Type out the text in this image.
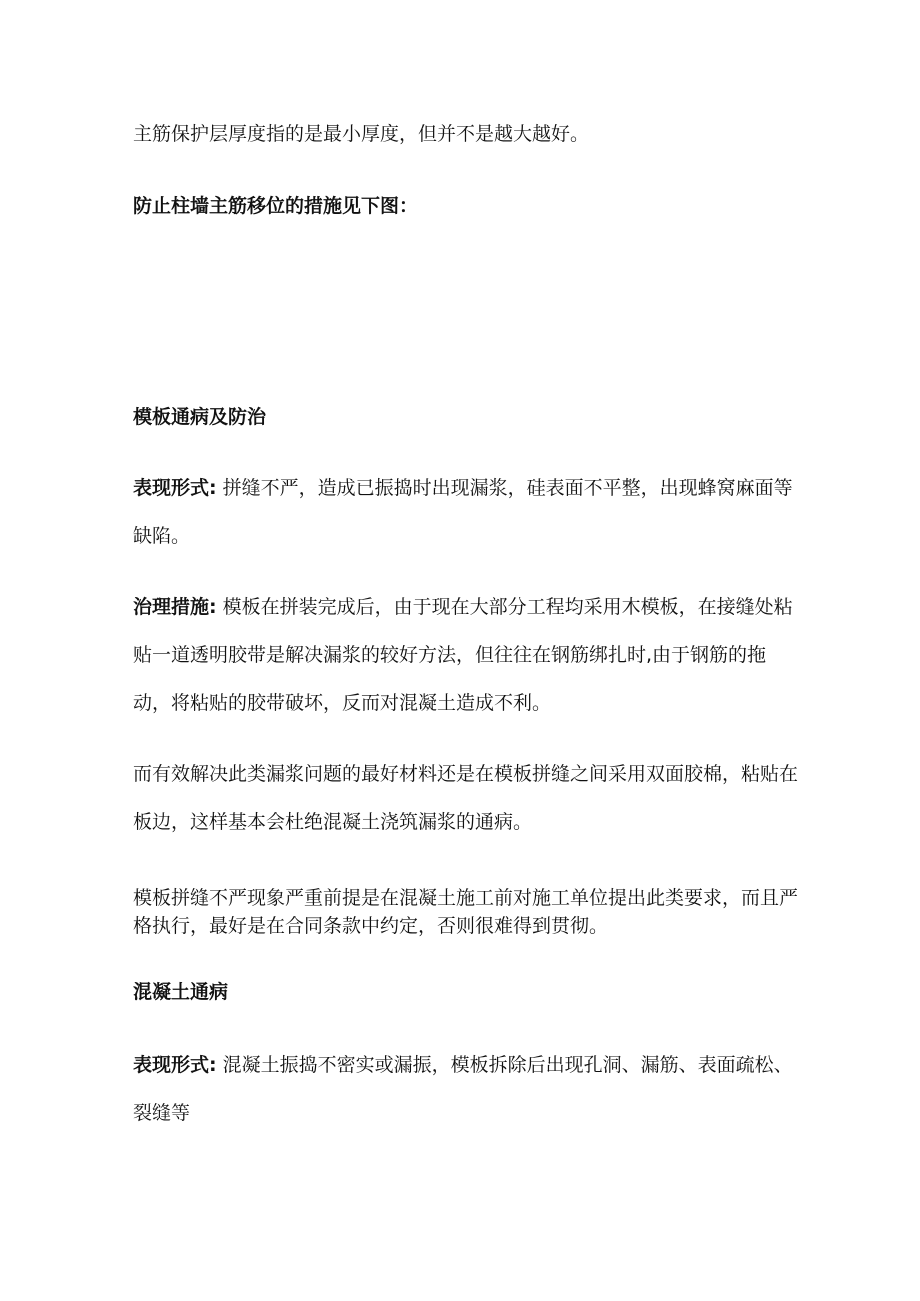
主筋保护层厚度指的是最小厚度，但并不是越大越好。

防止柱墙主筋移位的措施见下图：

模板通病及防治

表现形式: 拼缝不严，造成已振捣时出现漏浆，硅表面不平整，出现蜂窝麻面等缺陷。

治理措施: 模板在拼装完成后，由于现在大部分工程均采用木模板，在接缝处粘贴一道透明胶带是解决漏浆的较好方法，但往往在钢筋绑扎时,由于钢筋的拖动，将粘贴的胶带破坏，反而对混凝土造成不利。

而有效解决此类漏浆问题的最好材料还是在模板拼缝之间采用双面胶棉，粘贴在板边，这样基本会杜绝混凝土浇筑漏浆的通病。

模板拼缝不严现象严重前提是在混凝土施工前对施工单位提出此类要求，而且严格执行，最好是在合同条款中约定，否则很难得到贯彻。

混凝土通病

表现形式: 混凝土振捣不密实或漏振，模板拆除后出现孔洞、漏筋、表面疏松、裂缝等
